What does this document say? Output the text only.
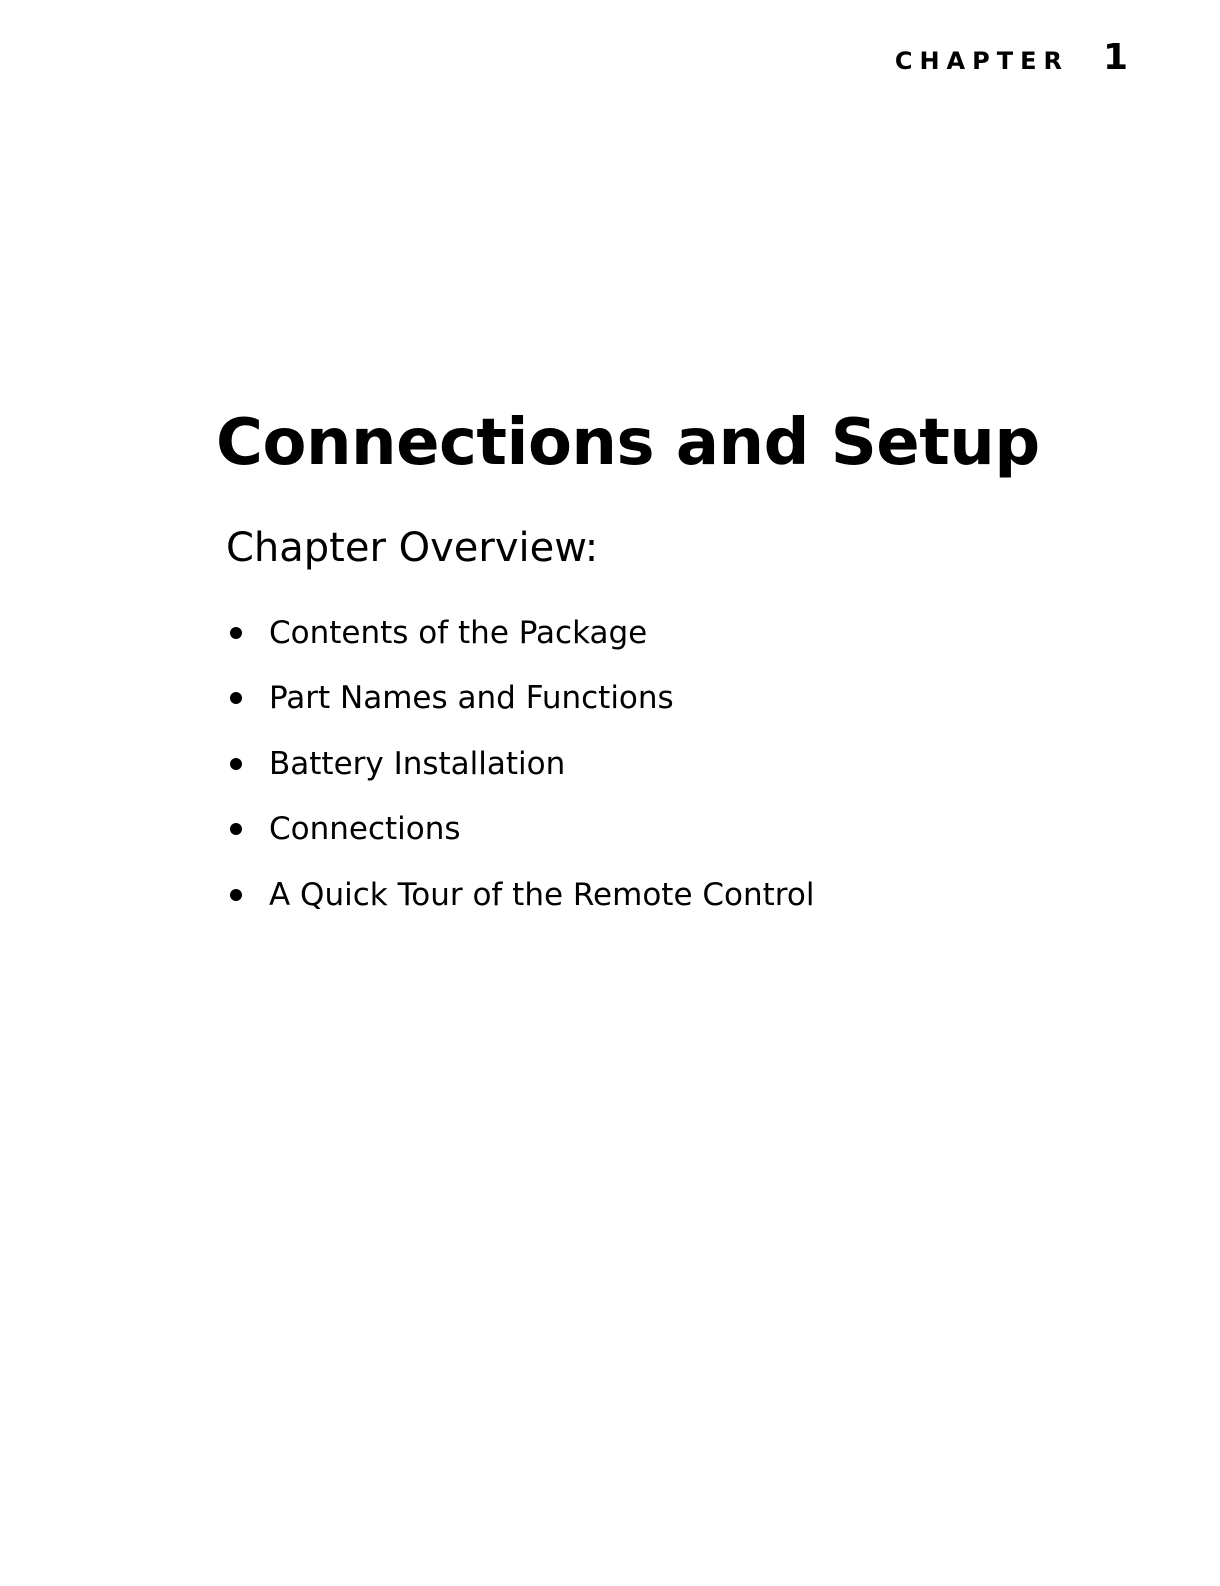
chapter 1
Connections and Setup
Chapter Overview:
Contents of the Package
Part Names and Functions
Battery Installation
Connections
A Quick Tour of the Remote Control
